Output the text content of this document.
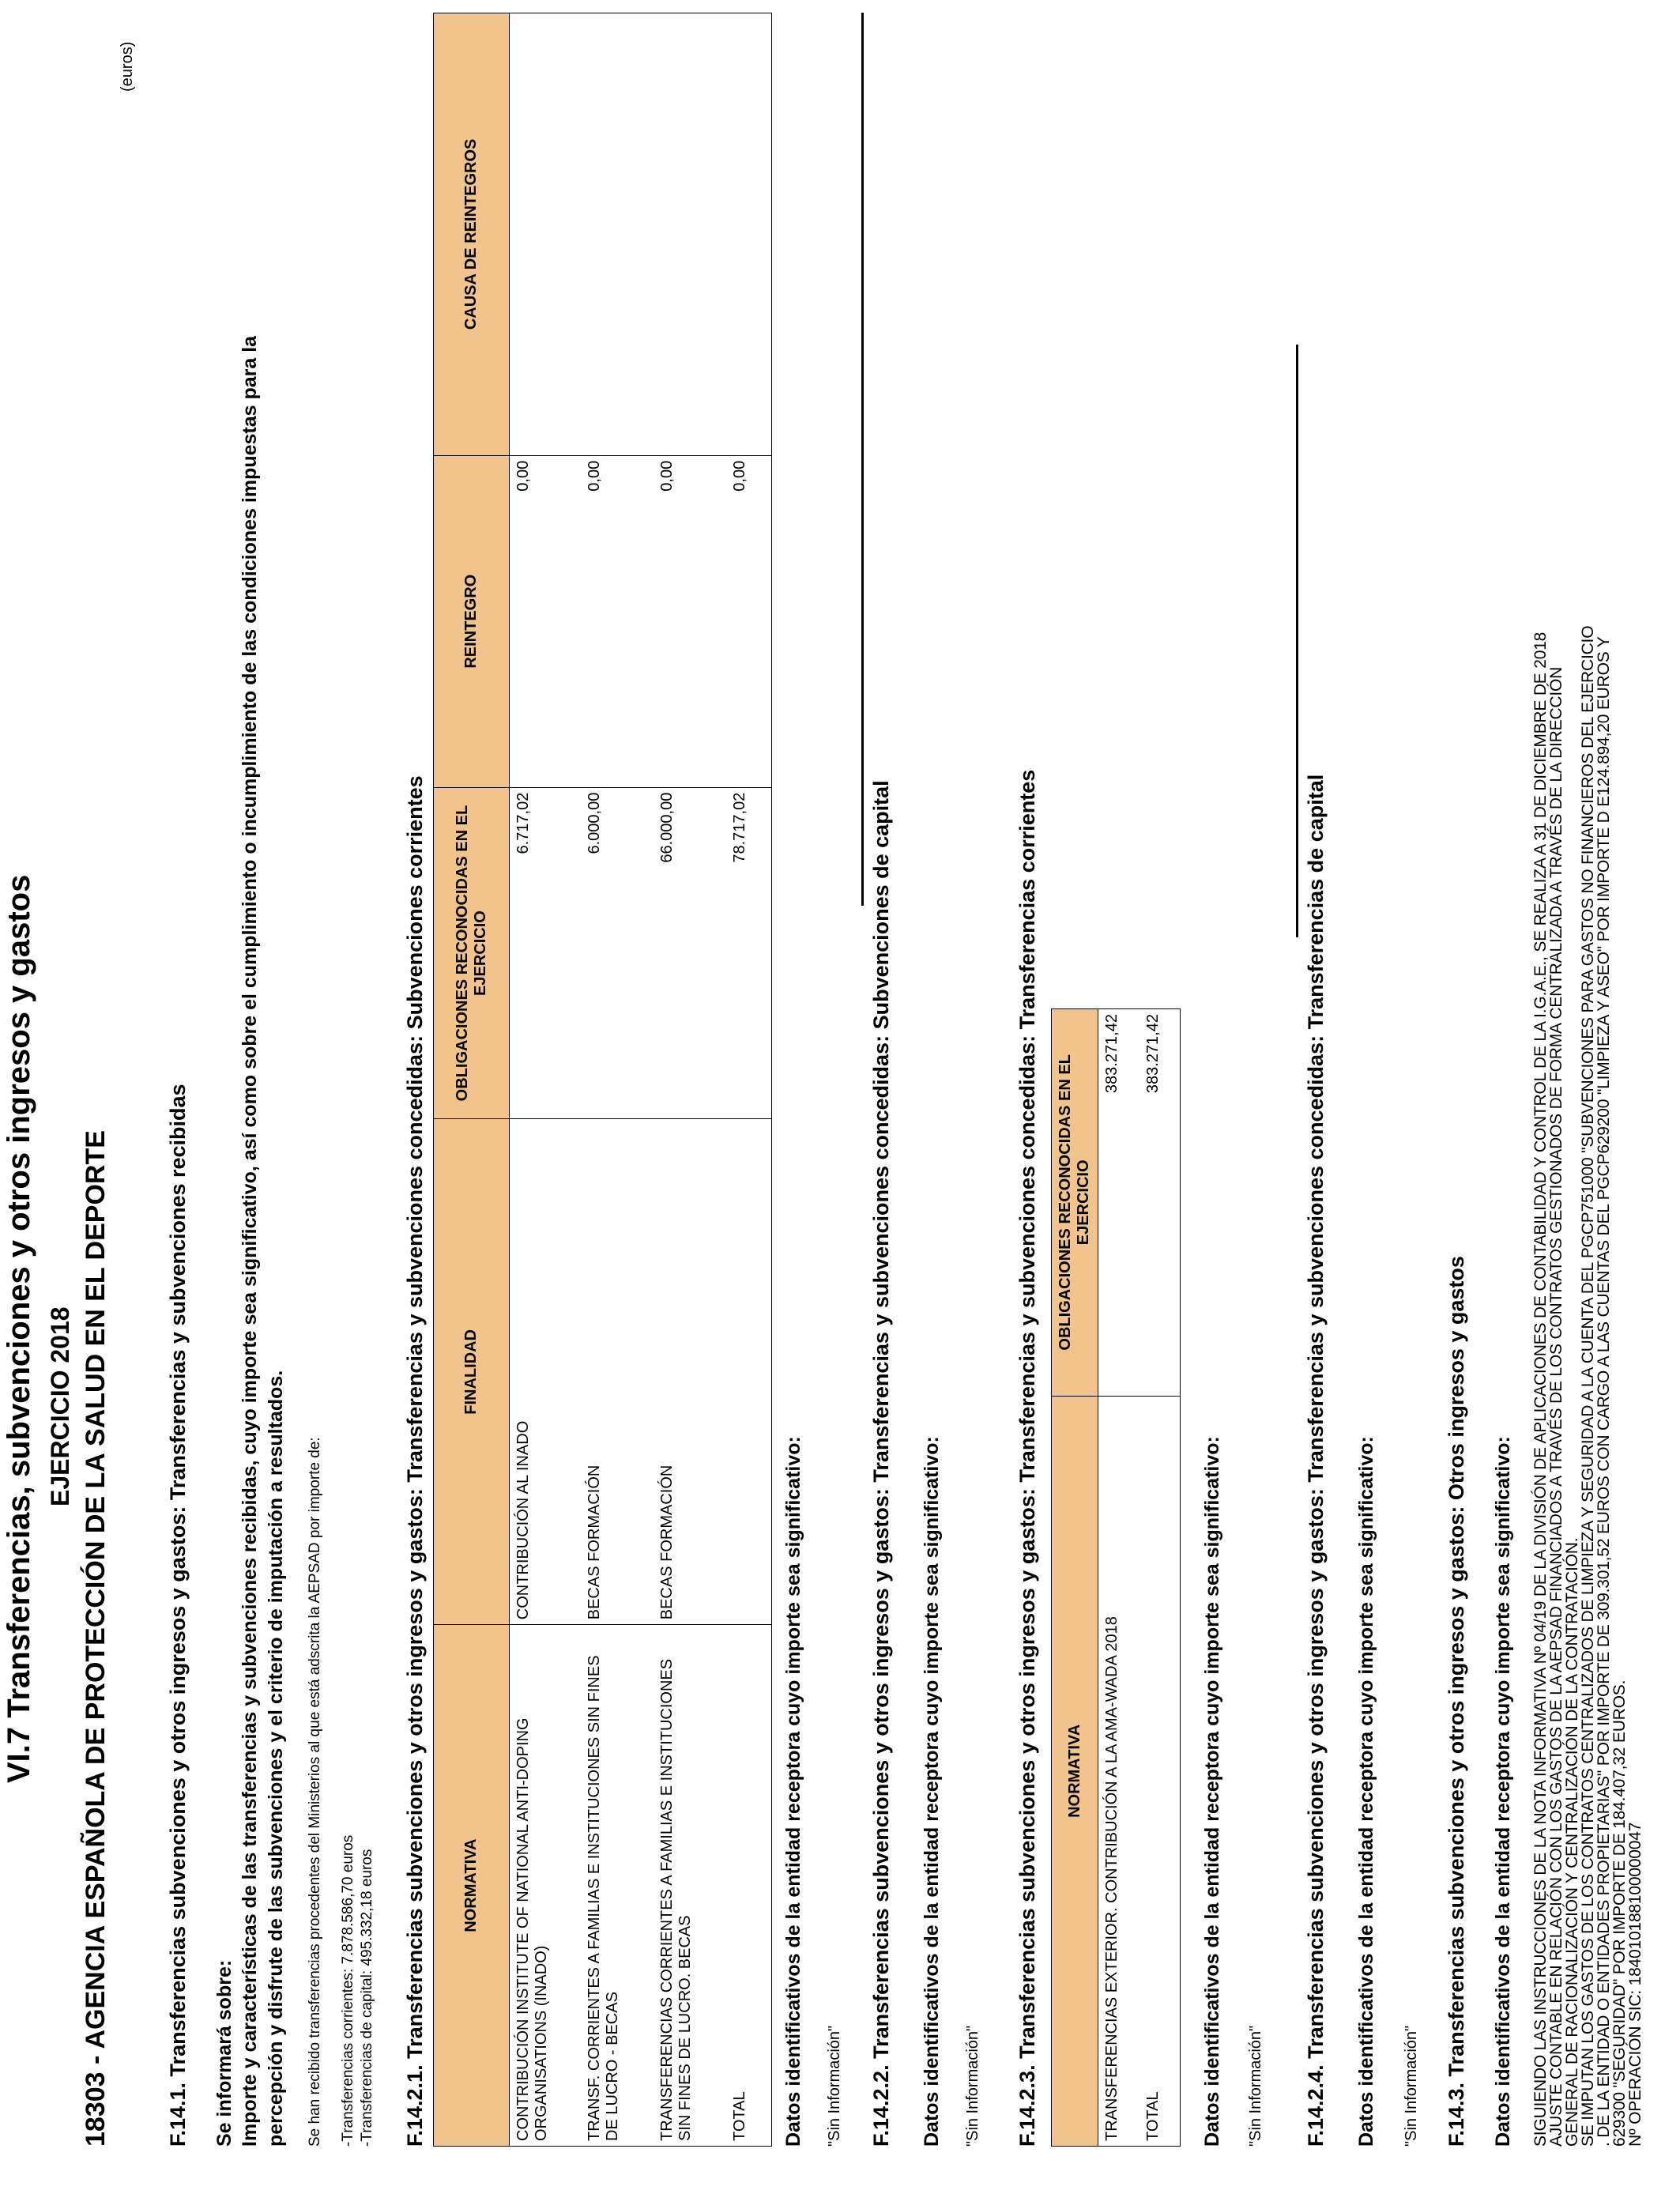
VI.7 Transferencias, subvenciones y otros ingresos y gastos EJERCICIO 2018 18303 - AGENCIA ESPAÑOLA DE PROTECCIÓN DE LA SALUD EN EL DEPORTE
(euros)
F.14.1. Transferencias subvenciones y otros ingresos y gastos: Transferencias y subvenciones recibidas Se informará sobre: Importe y características de las transferencias y subvenciones recibidas, cuyo importe sea significativo, así como sobre el cumplimiento o incumplimiento de las condiciones impuestas para la percepción y disfrute de las subvenciones y el criterio de imputación a resultados. Se han recibido transferencias procedentes del Ministerios al que está adscrita la AEPSAD por importe de: -Transferencias corrientes: 7.878.586,70 euros -Transferencias de capital: 495.332,18 euros F.14.2.1. Transferencias subvenciones y otros ingresos y gastos: Transferencias y subvenciones concedidas: Subvenciones corrientes NORMATIVA	FINALIDAD	OBLIGACIONES RECONOCIDAS EN EL EJERCICIO	REINTEGRO	CAUSA DE REINTEGROS
CONTRIBUCIÓN INSTITUTE OF NATIONAL ANTI-DOPING ORGANISATIONS (INADO)	CONTRIBUCIÓN AL INADO	6.717,02	0,00	
TRANSF. CORRIENTES A FAMILIAS E INSTITUCIONES SIN FINES DE LUCRO - BECAS	BECAS FORMACIÓN	6.000,00	0,00	
TRANSFERENCIAS CORRIENTES A FAMILIAS E INSTITUCIONES SIN FINES DE LUCRO. BECAS	BECAS FORMACIÓN	66.000,00	0,00	
TOTAL		78.717,02	0,00	
Datos identificativos de la entidad receptora cuyo importe sea significativo: "Sin Información" F.14.2.2. Transferencias subvenciones y otros ingresos y gastos: Transferencias y subvenciones concedidas: Subvenciones de capital Datos identificativos de la entidad receptora cuyo importe sea significativo: "Sin Información" F.14.2.3. Transferencias subvenciones y otros ingresos y gastos: Transferencias y subvenciones concedidas: Transferencias corrientes NORMATIVA	OBLIGACIONES RECONOCIDAS EN EL EJERCICIO
TRANSFERENCIAS EXTERIOR. CONTRIBUCIÓN A LA AMA-WADA 2018	383.271,42
TOTAL	383.271,42
Datos identificativos de la entidad receptora cuyo importe sea significativo: "Sin Información" F.14.2.4. Transferencias subvenciones y otros ingresos y gastos: Transferencias y subvenciones concedidas: Transferencias de capital Datos identificativos de la entidad receptora cuyo importe sea significativo: "Sin Información" F.14.3. Transferencias subvenciones y otros ingresos y gastos: Otros ingresos y gastos Datos identificativos de la entidad receptora cuyo importe sea significativo: SIGUIENDO LAS INSTRUCCIONES DE LA NOTA INFORMATIVA Nº 04/19 DE LA DIVISIÓN DE APLICACIONES DE CONTABILIDAD Y CONTROL DE LA I.G.A.E., SE REALIZA A 31 DE DICIEMBRE DE 2018
AJUSTE CONTABLE EN RELACIÓN CON LOS GASTOS DE LA AEPSAD FINANCIADOS A TRAVÉS DE LOS CONTRATOS GESTIONADOS DE FORMA CENTRALIZADA A TRAVÉS DE LA DIRECCIÓN
GENERAL DE RACIONALIZACIÓN Y CENTRALIZACIÓN DE LA CONTRATACIÓN.
SE IMPUTAN LOS GASTOS DE LOS CONTRATOS CENTRALIZADOS DE LIMPIEZA Y SEGURIDAD A LA CUENTA DEL PGCP751000 "SUBVENCIONES PARA GASTOS NO FINANCIEROS DEL EJERCICIO
. DE LA ENTIDAD O ENTIDADES PROPIETARIAS" POR IMPORTE DE 309.301,52 EUROS CON CARGO A LAS CUENTAS DEL PGCP629200 "LIMPIEZA Y ASEO" POR IMPORTE D E124.894,20 EUROS Y
629300 "SEGURIDAD" POR IMPORTE DE 184.407,32 EUROS.
Nº OPERACIÓN SIC: 184010188100000047
